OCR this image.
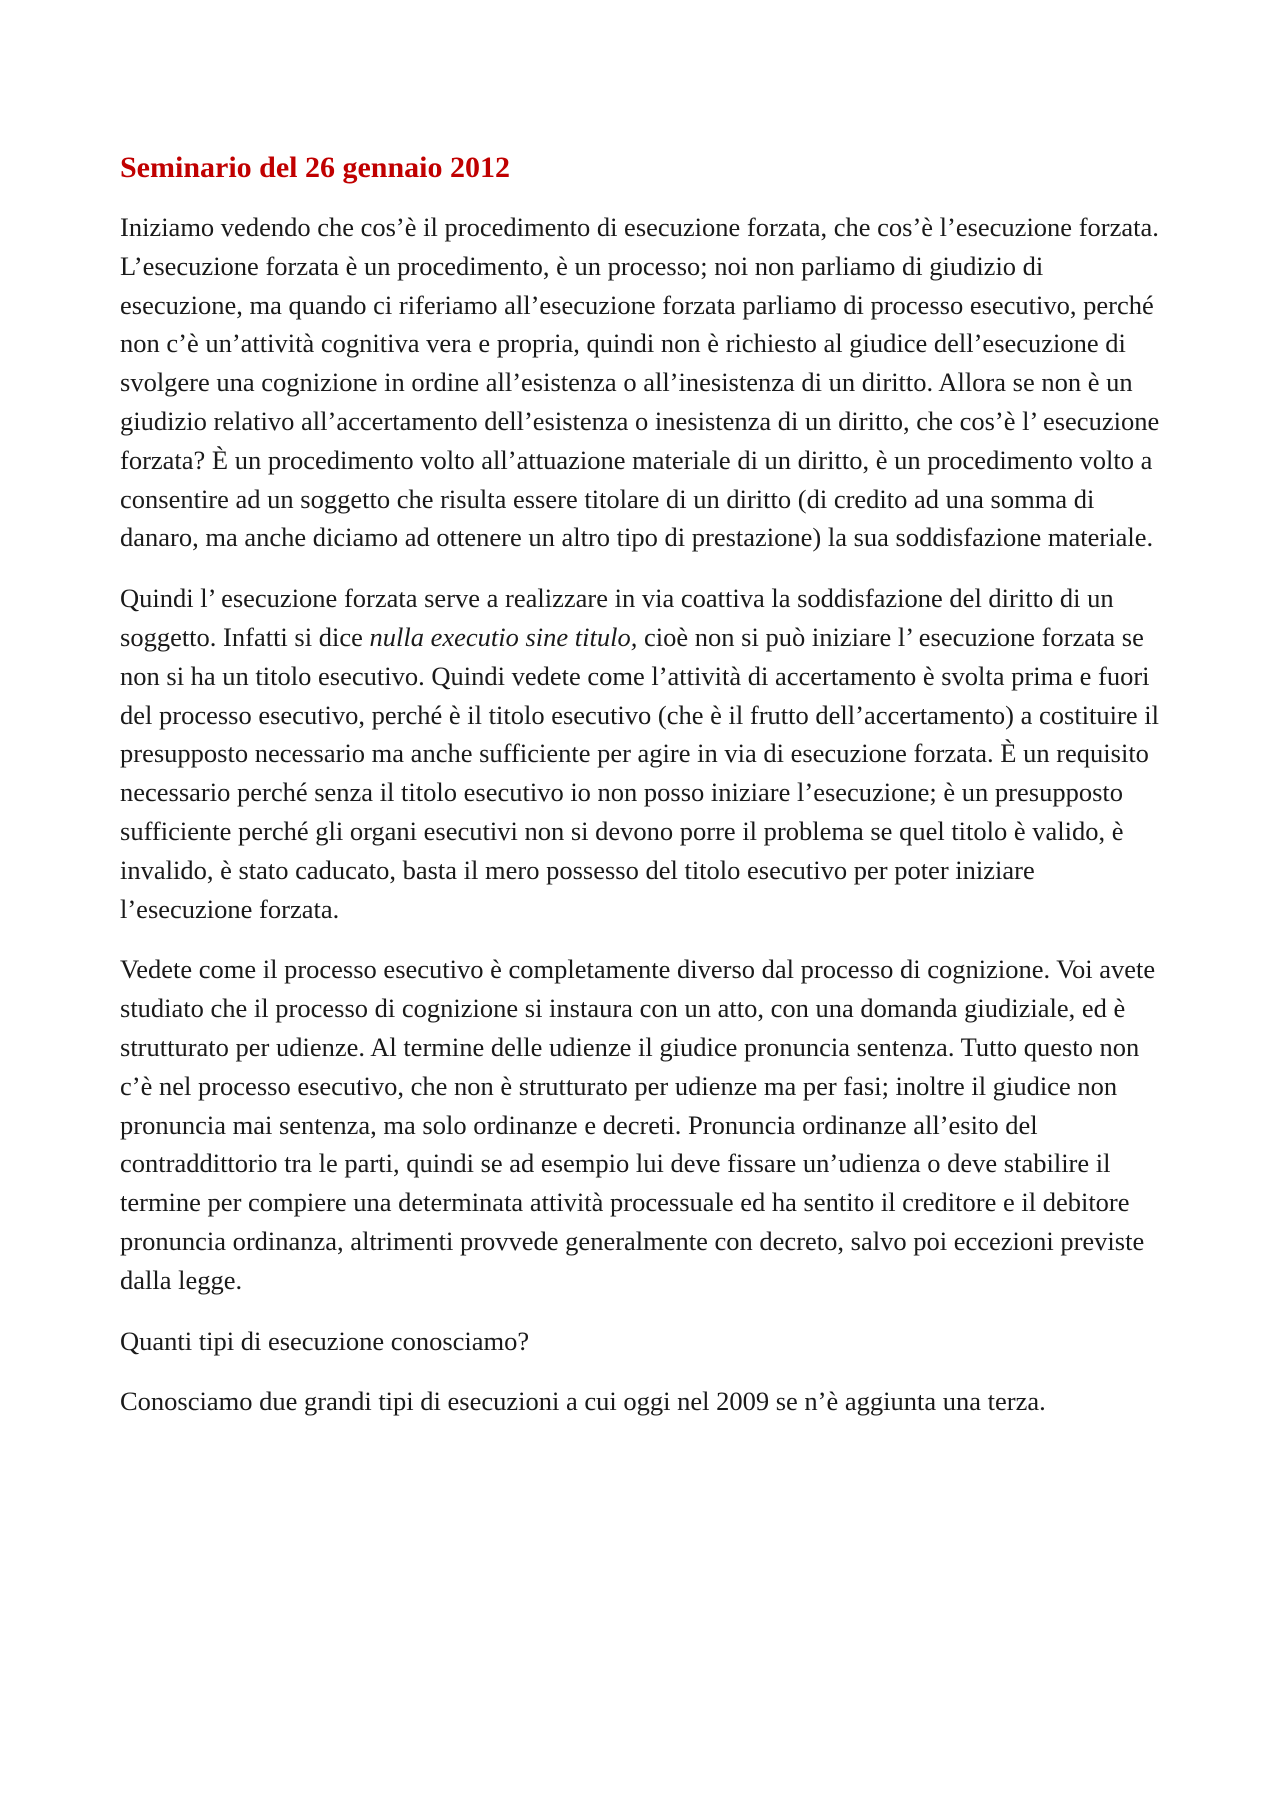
Seminario del 26 gennaio 2012

Iniziamo vedendo che cos’è il procedimento di esecuzione forzata, che cos’è l’esecuzione forzata. L’esecuzione forzata è un procedimento, è un processo; noi non parliamo di giudizio di esecuzione, ma quando ci riferiamo all’esecuzione forzata parliamo di processo esecutivo, perché non c’è un’attività cognitiva vera e propria, quindi non è richiesto al giudice dell’esecuzione di svolgere una cognizione in ordine all’esistenza o all’inesistenza di un diritto. Allora se non è un giudizio relativo all’accertamento dell’esistenza o inesistenza di un diritto, che cos’è l’ esecuzione forzata? È un procedimento volto all’attuazione materiale di un diritto, è un procedimento volto a consentire ad un soggetto che risulta essere titolare di un diritto (di credito ad una somma di danaro, ma anche diciamo ad ottenere un altro tipo di prestazione) la sua soddisfazione materiale.

Quindi l’ esecuzione forzata serve a realizzare in via coattiva la soddisfazione del diritto di un soggetto. Infatti si dice nulla executio sine titulo, cioè non si può iniziare l’ esecuzione forzata se non si ha un titolo esecutivo. Quindi vedete come l’attività di accertamento è svolta prima e fuori del processo esecutivo, perché è il titolo esecutivo (che è il frutto dell’accertamento) a costituire il presupposto necessario ma anche sufficiente per agire in via di esecuzione forzata. È un requisito necessario perché senza il titolo esecutivo io non posso iniziare l’esecuzione; è un presupposto sufficiente perché gli organi esecutivi non si devono porre il problema se quel titolo è valido, è invalido, è stato caducato, basta il mero possesso del titolo esecutivo per poter iniziare l’esecuzione forzata.

Vedete come il processo esecutivo è completamente diverso dal processo di cognizione. Voi avete studiato che il processo di cognizione si instaura con un atto, con una domanda giudiziale, ed è strutturato per udienze. Al termine delle udienze il giudice pronuncia sentenza. Tutto questo non c’è nel processo esecutivo, che non è strutturato per udienze ma per fasi; inoltre il giudice non pronuncia mai sentenza, ma solo ordinanze e decreti. Pronuncia ordinanze all’esito del contraddittorio tra le parti, quindi se ad esempio lui deve fissare un’udienza o deve stabilire il termine per compiere una determinata attività processuale ed ha sentito il creditore e il debitore pronuncia ordinanza, altrimenti provvede generalmente con decreto, salvo poi eccezioni previste dalla legge.

Quanti tipi di esecuzione conosciamo?

Conosciamo due grandi tipi di esecuzioni a cui oggi nel 2009 se n’è aggiunta una terza.
